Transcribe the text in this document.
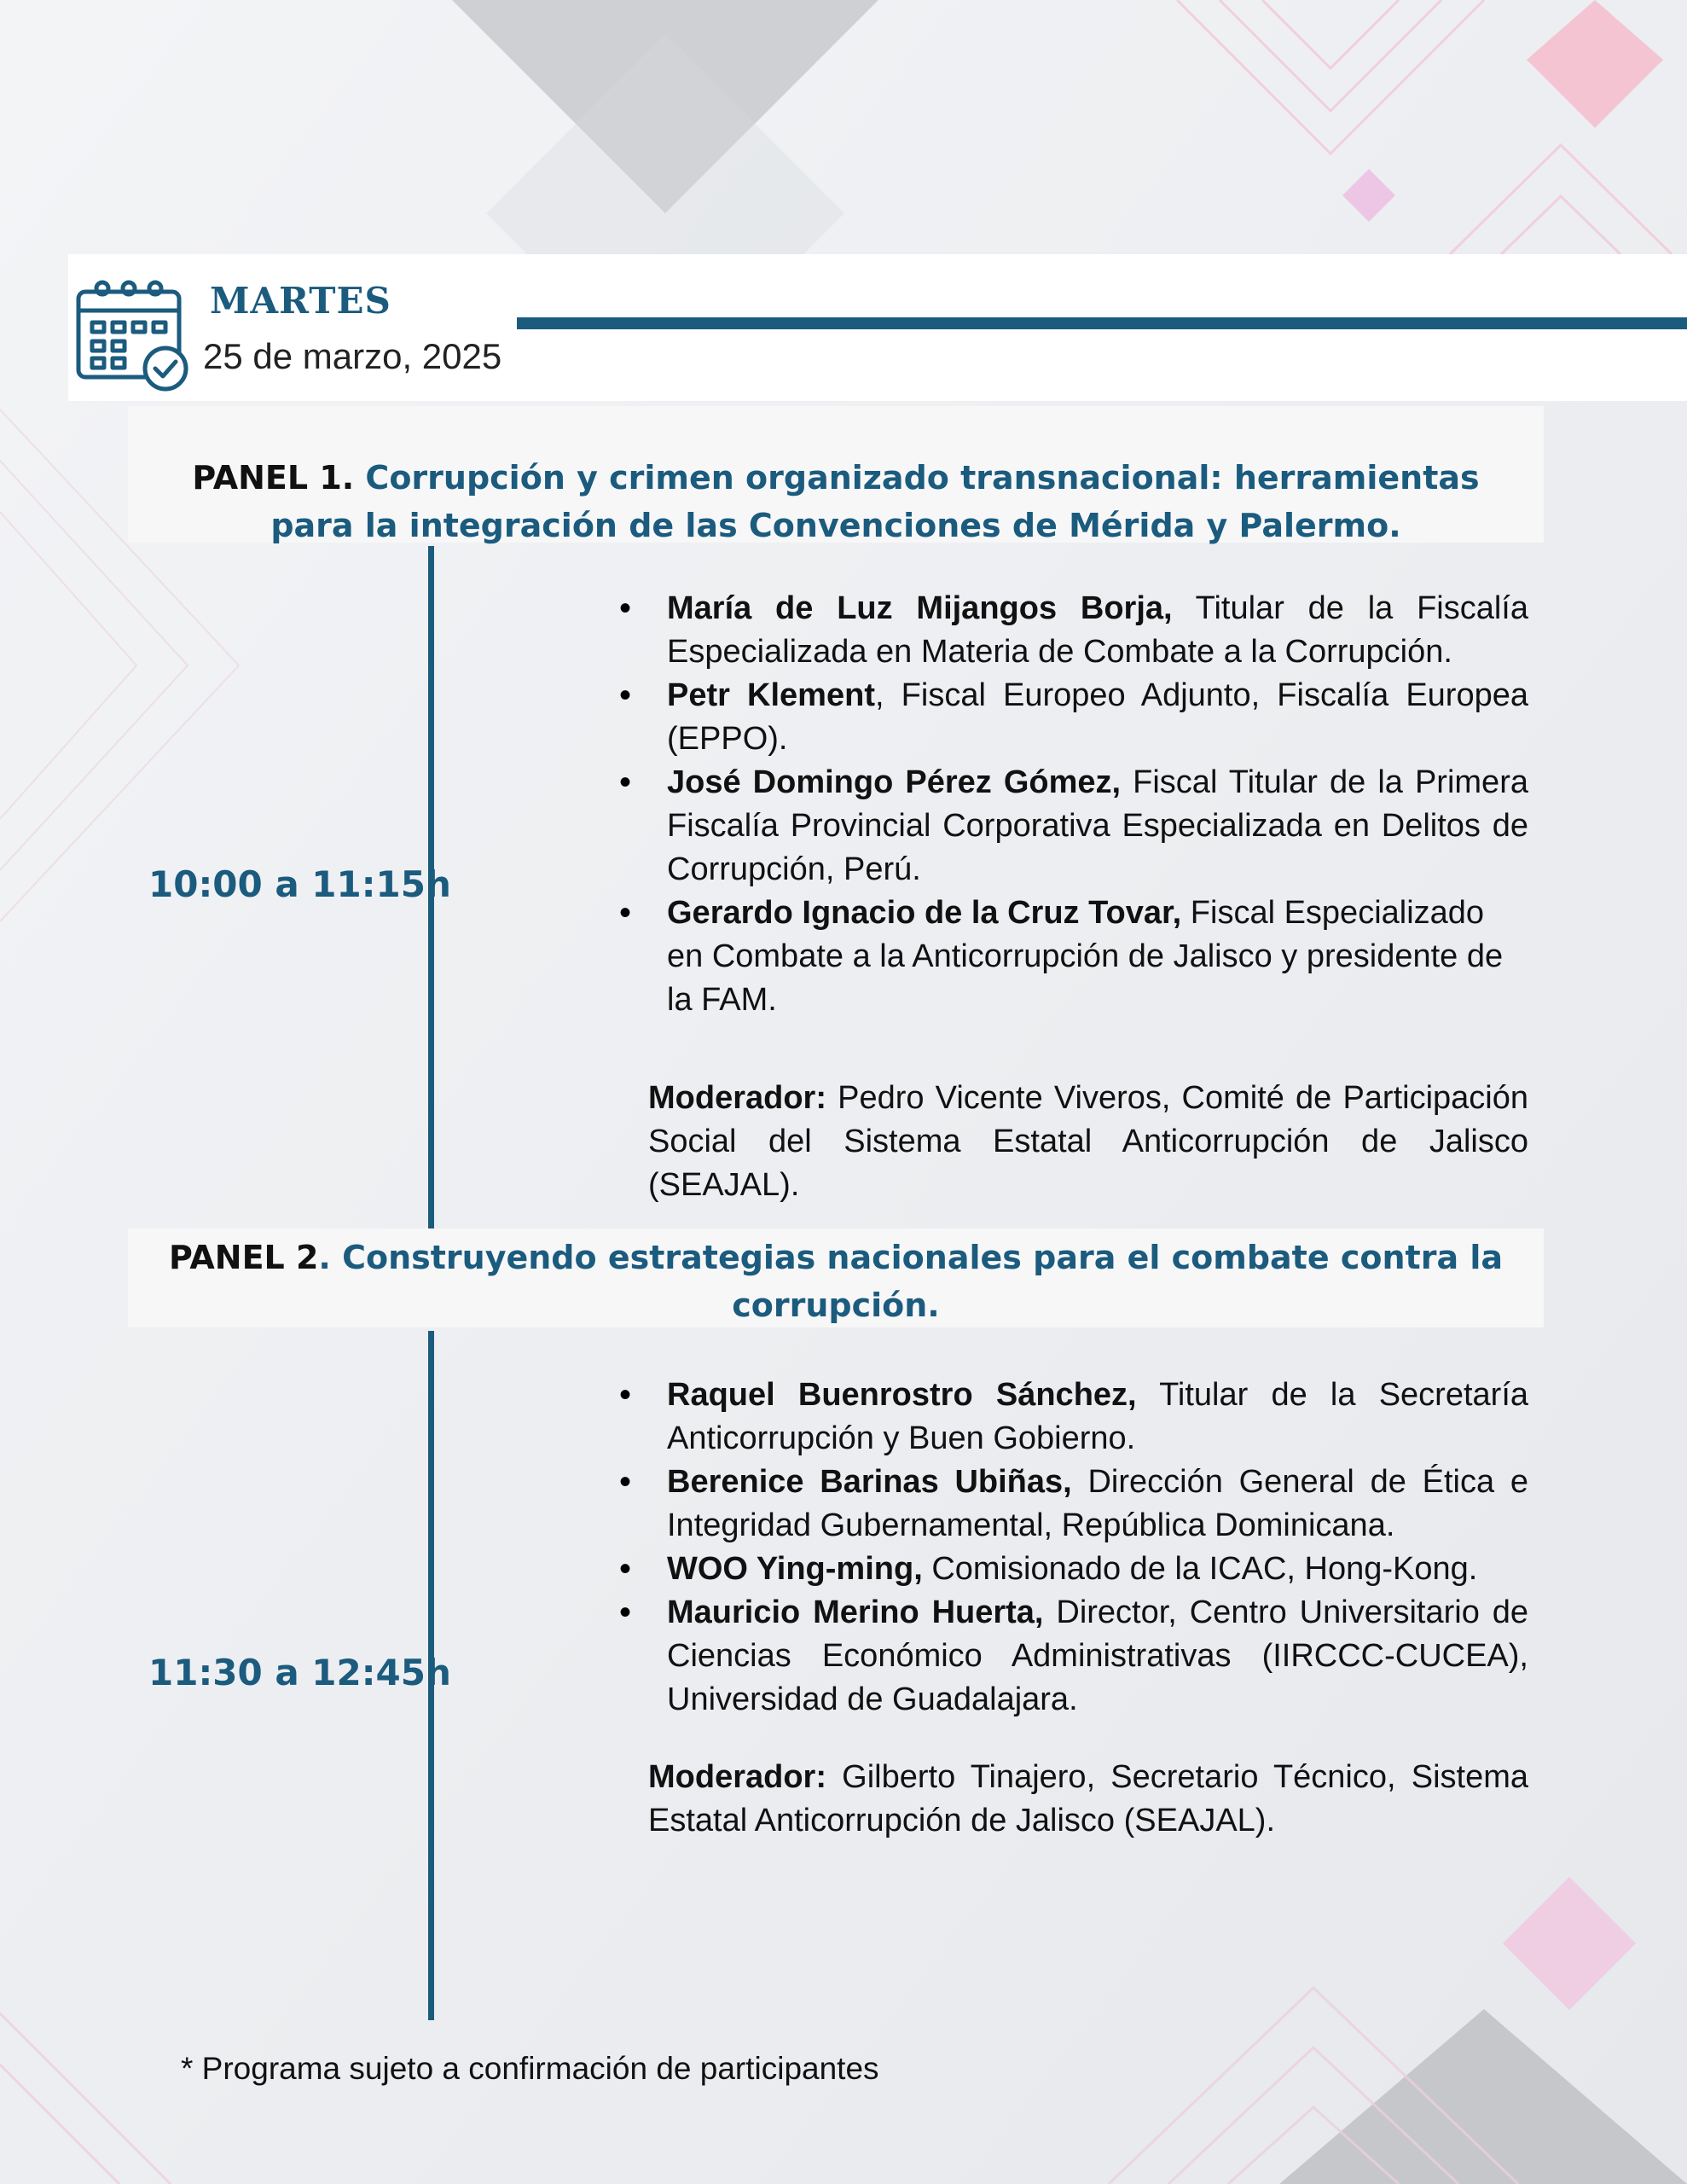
MARTES
25 de marzo, 2025
PANEL 1. Corrupción y crimen organizado transnacional: herramientas para la integración de las Convenciones de Mérida y Palermo.
10:00 a 11:15h
• María de Luz Mijangos Borja, Titular de la Fiscalía Especializada en Materia de Combate a la Corrupción.
• Petr Klement, Fiscal Europeo Adjunto, Fiscalía Europea (EPPO).
• José Domingo Pérez Gómez, Fiscal Titular de la Primera Fiscalía Provincial Corporativa Especializada en Delitos de Corrupción, Perú.
• Gerardo Ignacio de la Cruz Tovar, Fiscal Especializado en Combate a la Anticorrupción de Jalisco y presidente de la FAM.
Moderador: Pedro Vicente Viveros, Comité de Participación Social del Sistema Estatal Anticorrupción de Jalisco (SEAJAL).
PANEL 2. Construyendo estrategias nacionales para el combate contra la corrupción.
11:30 a 12:45h
• Raquel Buenrostro Sánchez, Titular de la Secretaría Anticorrupción y Buen Gobierno.
• Berenice Barinas Ubiñas, Dirección General de Ética e Integridad Gubernamental, República Dominicana.
• WOO Ying-ming, Comisionado de la ICAC, Hong-Kong.
• Mauricio Merino Huerta, Director, Centro Universitario de Ciencias Económico Administrativas (IIRCCC-CUCEA), Universidad de Guadalajara.
Moderador: Gilberto Tinajero, Secretario Técnico, Sistema Estatal Anticorrupción de Jalisco (SEAJAL).
* Programa sujeto a confirmación de participantes
